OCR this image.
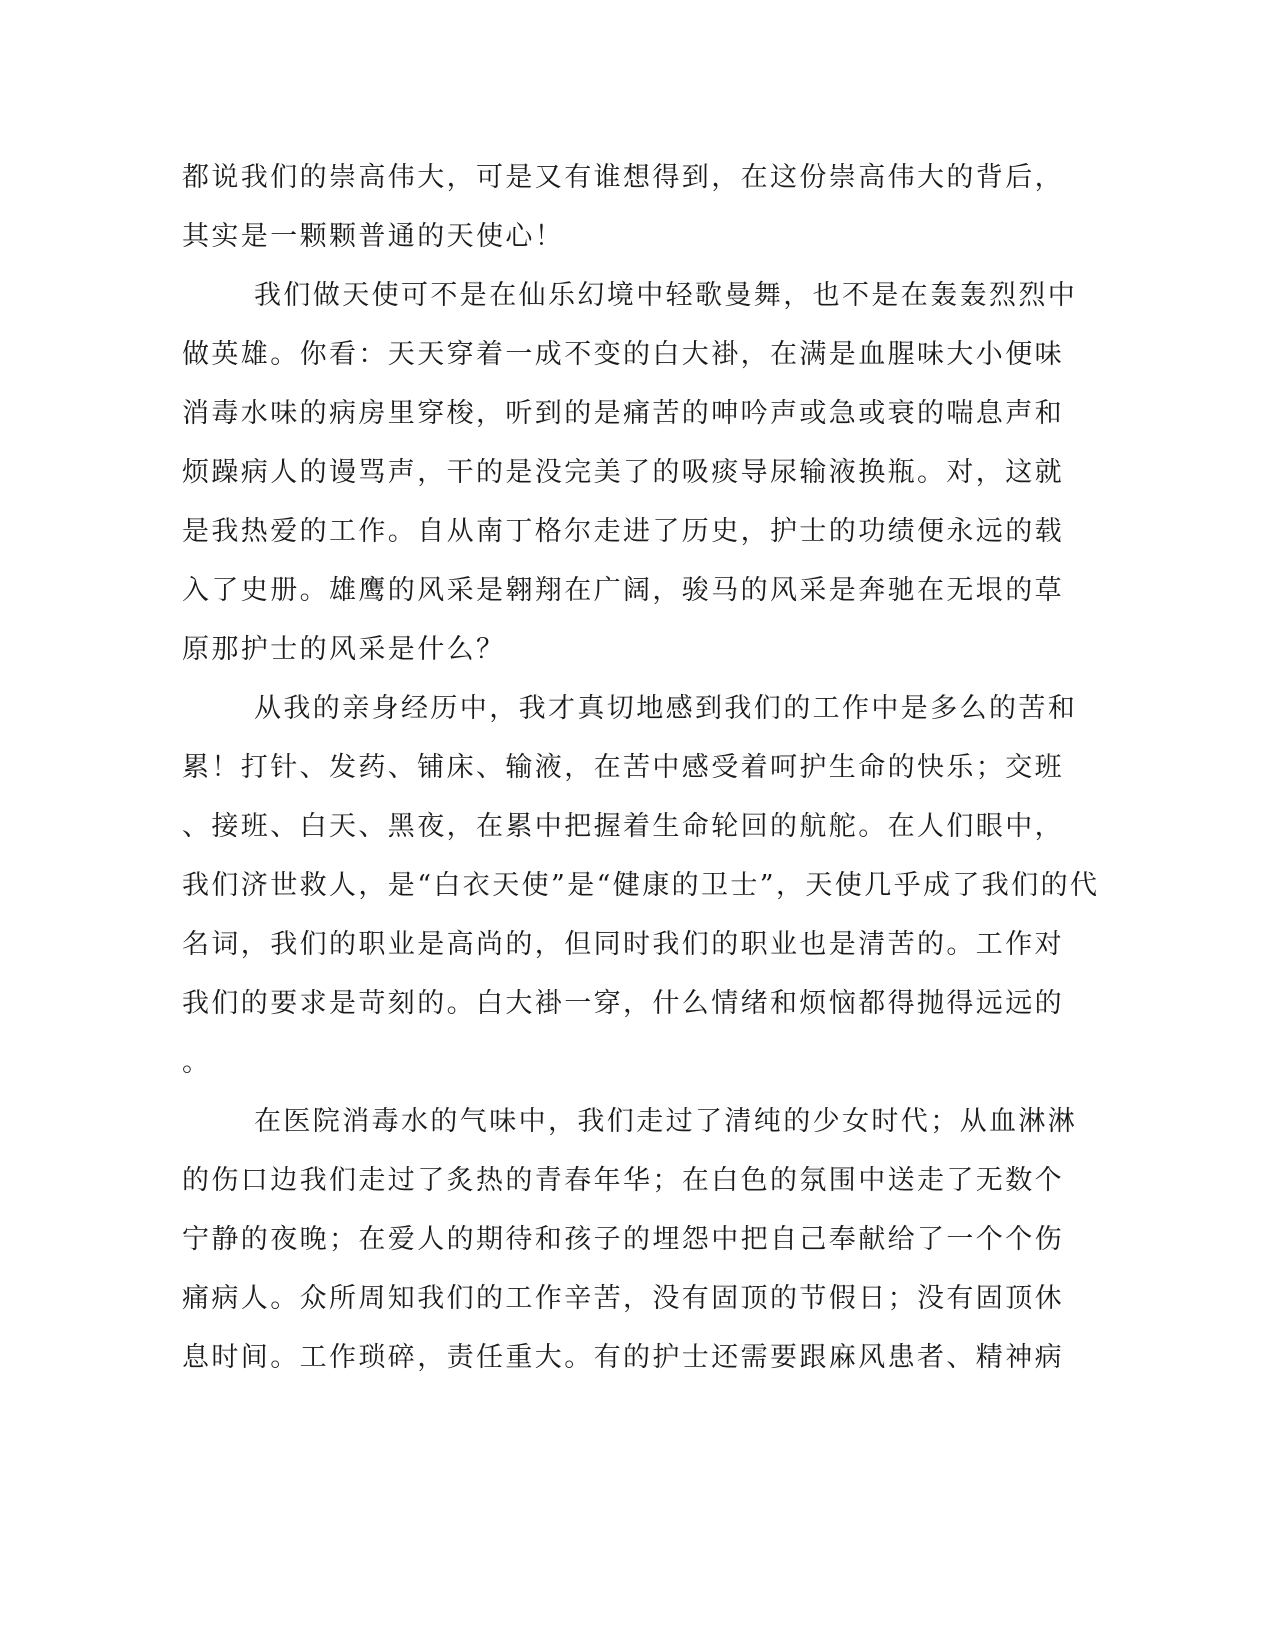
都说我们的崇高伟大，可是又有谁想得到，在这份崇高伟大的背后，
其实是一颗颗普通的天使心！
我们做天使可不是在仙乐幻境中轻歌曼舞，也不是在轰轰烈烈中
做英雄。你看：天天穿着一成不变的白大褂，在满是血腥味大小便味
消毒水味的病房里穿梭，听到的是痛苦的呻吟声或急或衰的喘息声和
烦躁病人的谩骂声，干的是没完美了的吸痰导尿输液换瓶。对，这就
是我热爱的工作。自从南丁格尔走进了历史，护士的功绩便永远的载
入了史册。雄鹰的风采是翱翔在广阔，骏马的风采是奔驰在无垠的草
原那护士的风采是什么？
从我的亲身经历中，我才真切地感到我们的工作中是多么的苦和
累！打针、发药、铺床、输液，在苦中感受着呵护生命的快乐；交班
、接班、白天、黑夜，在累中把握着生命轮回的航舵。在人们眼中，
我们济世救人，是“白衣天使”是“健康的卫士”，天使几乎成了我们的代
名词，我们的职业是高尚的，但同时我们的职业也是清苦的。工作对
我们的要求是苛刻的。白大褂一穿，什么情绪和烦恼都得抛得远远的
。
在医院消毒水的气味中，我们走过了清纯的少女时代；从血淋淋
的伤口边我们走过了炙热的青春年华；在白色的氛围中送走了无数个
宁静的夜晚；在爱人的期待和孩子的埋怨中把自己奉献给了一个个伤
痛病人。众所周知我们的工作辛苦，没有固顶的节假日；没有固顶休
息时间。工作琐碎，责任重大。有的护士还需要跟麻风患者、精神病
